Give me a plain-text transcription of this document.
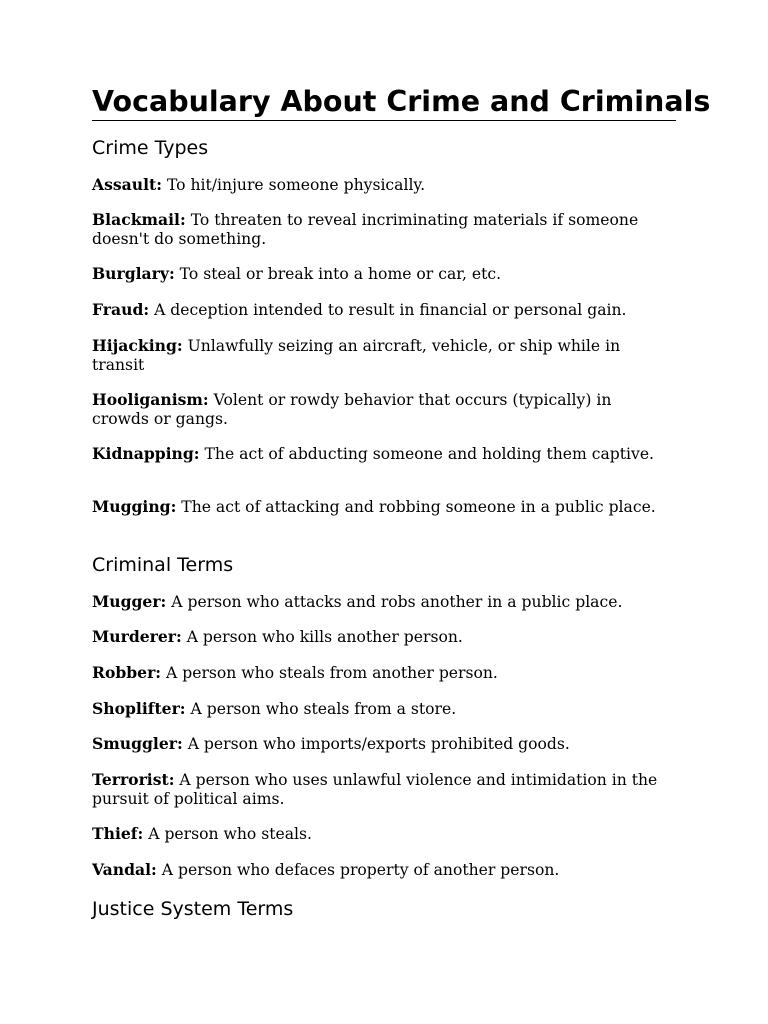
Vocabulary About Crime and Criminals
Crime Types

Assault: To hit/injure someone physically.

Blackmail: To threaten to reveal incriminating materials if someone doesn't do something.

Burglary: To steal or break into a home or car, etc.

Fraud: A deception intended to result in financial or personal gain.

Hijacking: Unlawfully seizing an aircraft, vehicle, or ship while in transit

Hooliganism: Volent or rowdy behavior that occurs (typically) in crowds or gangs.

Kidnapping: The act of abducting someone and holding them captive.

Mugging: The act of attacking and robbing someone in a public place.

Criminal Terms

Mugger: A person who attacks and robs another in a public place.

Murderer: A person who kills another person.

Robber: A person who steals from another person.

Shoplifter: A person who steals from a store.

Smuggler: A person who imports/exports prohibited goods.

Terrorist: A person who uses unlawful violence and intimidation in the pursuit of political aims.

Thief: A person who steals.

Vandal: A person who defaces property of another person.

Justice System Terms
